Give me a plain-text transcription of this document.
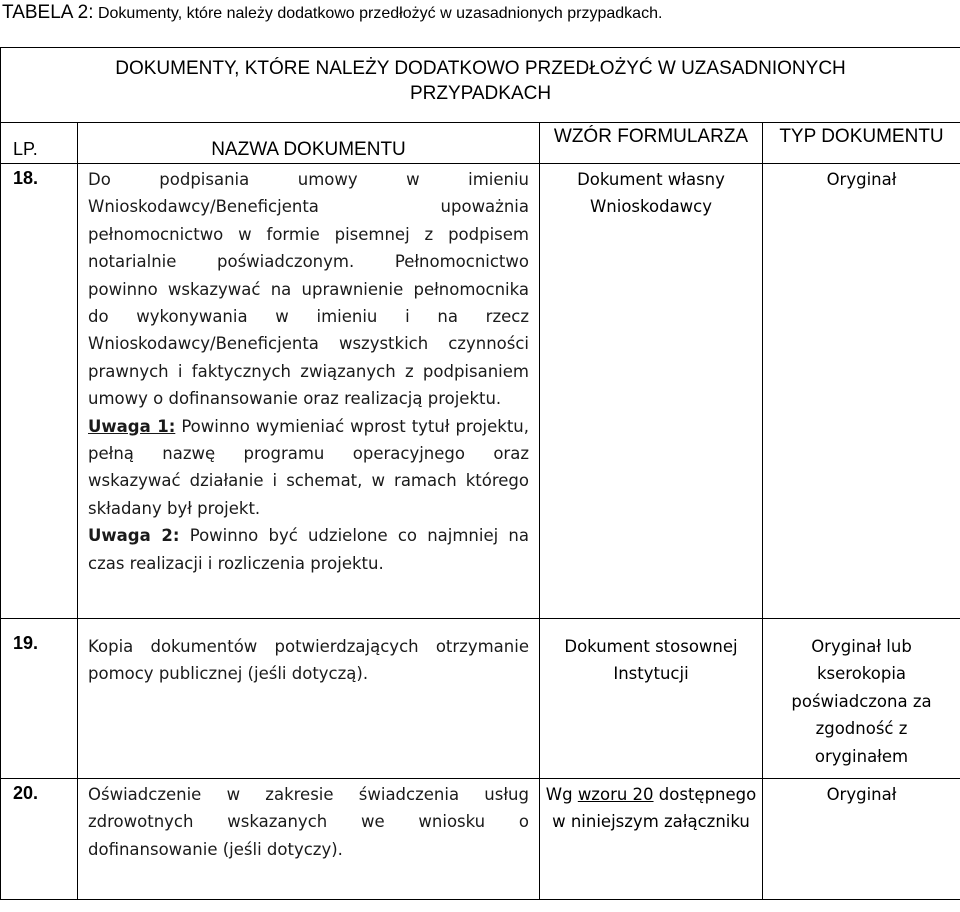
TABELA 2: Dokumenty, które należy dodatkowo przedłożyć w uzasadnionych przypadkach.
DOKUMENTY, KTÓRE NALEŻY DODATKOWO PRZEDŁOŻYĆ W UZASADNIONYCH PRZYPADKACH			
LP.	NAZWA DOKUMENTU	WZÓR FORMULARZA	TYP DOKUMENTU
18.	Do podpisania umowy w imieniu Wnioskodawcy/Beneficjenta upoważnia pełnomocnictwo w formie pisemnej z podpisem notarialnie poświadczonym. Pełnomocnictwo powinno wskazywać na uprawnienie pełnomocnika do wykonywania w imieniu i na rzecz Wnioskodawcy/Beneficjenta wszystkich czynności prawnych i faktycznych związanych z podpisaniem umowy o dofinansowanie oraz realizacją projektu.

Uwaga 1: Powinno wymieniać wprost tytuł projektu, pełną nazwę programu operacyjnego oraz wskazywać działanie i schemat, w ramach którego składany był projekt.

Uwaga 2: Powinno być udzielone co najmniej na czas realizacji i rozliczenia projektu.	Dokument własny Wnioskodawcy	Oryginał
19.	Kopia dokumentów potwierdzających otrzymanie pomocy publicznej (jeśli dotyczą).	Dokument stosownej Instytucji	Oryginał lub kserokopia poświadczona za zgodność z oryginałem
20.	Oświadczenie w zakresie świadczenia usług zdrowotnych wskazanych we wniosku o dofinansowanie (jeśli dotyczy).	Wg wzoru 20 dostępnego w niniejszym załączniku	Oryginał
